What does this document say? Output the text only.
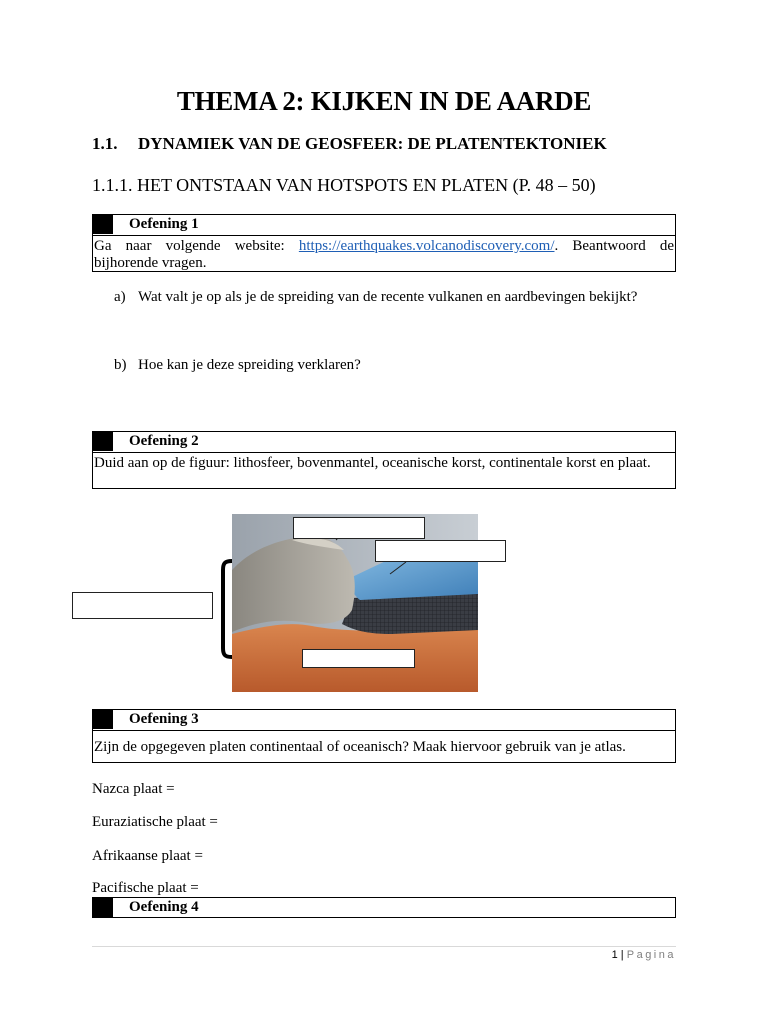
THEMA 2: KIJKEN IN DE AARDE
1.1. DYNAMIEK VAN DE GEOSFEER: DE PLATENTEKTONIEK
1.1.1. HET ONTSTAAN VAN HOTSPOTS EN PLATEN (P. 48 – 50)
Oefening 1
Ga naar volgende website: https://earthquakes.volcanodiscovery.com/. Beantwoord de bijhorende vragen.
a) Wat valt je op als je de spreiding van de recente vulkanen en aardbevingen bekijkt?
b) Hoe kan je deze spreiding verklaren?
Oefening 2
Duid aan op de figuur: lithosfeer, bovenmantel, oceanische korst, continentale korst en plaat.
Oefening 3
Zijn de opgegeven platen continentaal of oceanisch? Maak hiervoor gebruik van je atlas.
Nazca plaat =
Euraziatische plaat =
Afrikaanse plaat =
Pacifische plaat =
Oefening 4
1 | Pagina
